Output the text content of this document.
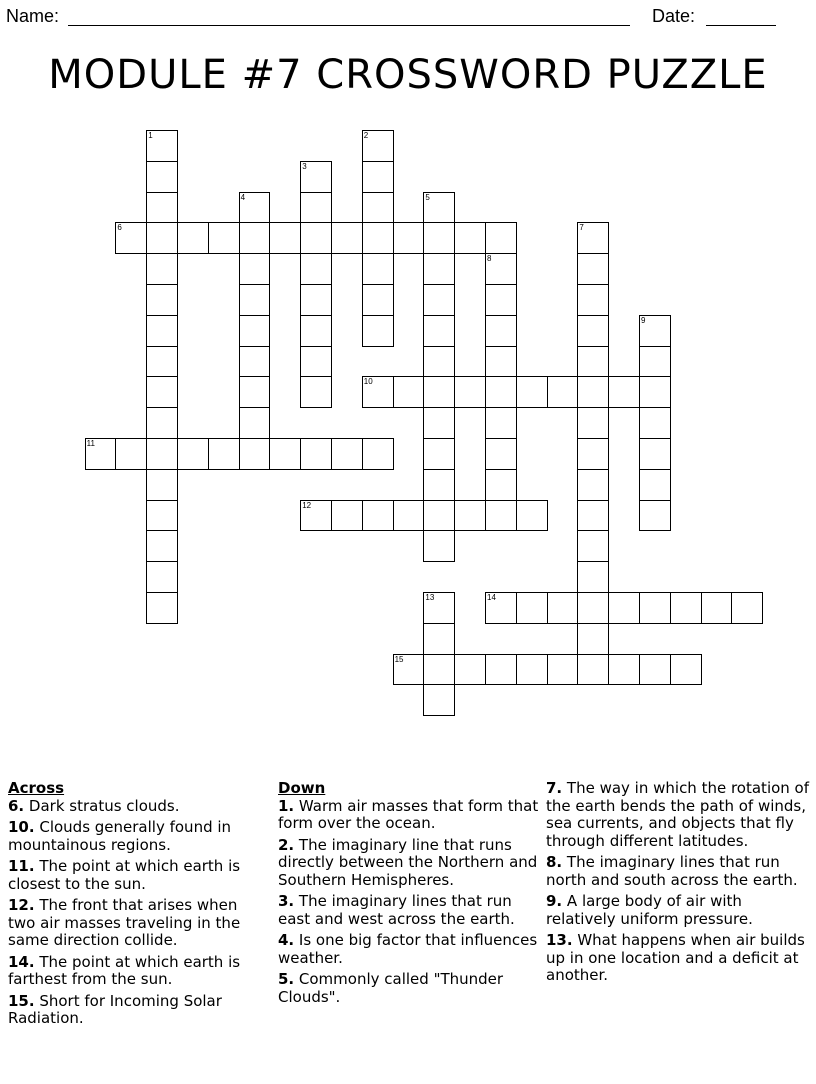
Name:	Date:
MODULE #7 CROSSWORD PUZZLE
1	2
3
4	5
6	7
8
9
10
11
12
13	14
15
Across
6. Dark stratus clouds.
10. Clouds generally found in mountainous regions.
11. The point at which earth is closest to the sun.
12. The front that arises when two air masses traveling in the same direction collide.
14. The point at which earth is farthest from the sun.
15. Short for Incoming Solar Radiation.
Down
1. Warm air masses that form that form over the ocean.
2. The imaginary line that runs directly between the Northern and Southern Hemispheres.
3. The imaginary lines that run east and west across the earth.
4. Is one big factor that influences weather.
5. Commonly called "Thunder Clouds".
7. The way in which the rotation of the earth bends the path of winds, sea currents, and objects that fly through different latitudes.
8. The imaginary lines that run north and south across the earth.
9. A large body of air with relatively uniform pressure.
13. What happens when air builds up in one location and a deficit at another.
